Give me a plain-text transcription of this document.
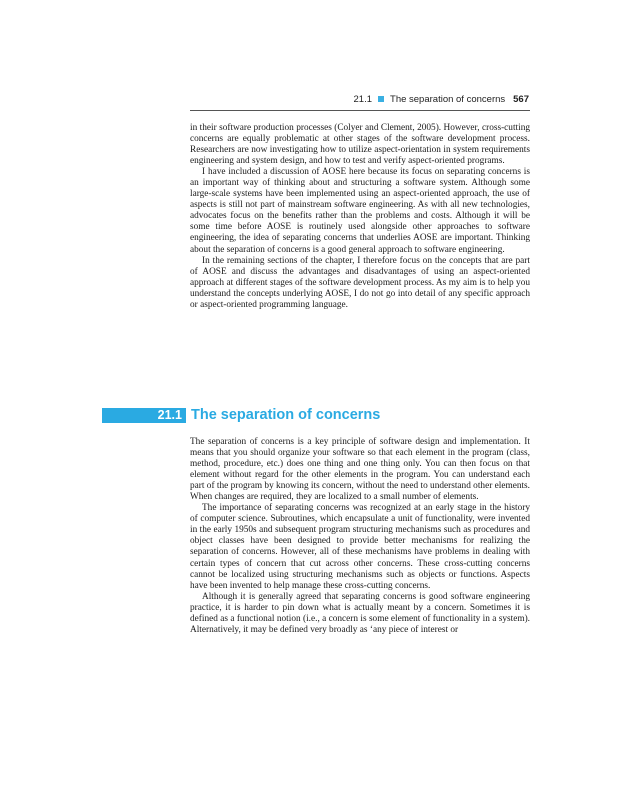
21.1 The separation of concerns 567

in their software production processes (Colyer and Clement, 2005). However, cross-cutting concerns are equally problematic at other stages of the software development process. Researchers are now investigating how to utilize aspect-orientation in system requirements engineering and system design, and how to test and verify aspect-oriented programs.

I have included a discussion of AOSE here because its focus on separating concerns is an important way of thinking about and structuring a software system. Although some large-scale systems have been implemented using an aspect-oriented approach, the use of aspects is still not part of mainstream software engineering. As with all new technologies, advocates focus on the benefits rather than the problems and costs. Although it will be some time before AOSE is routinely used alongside other approaches to software engineering, the idea of separating concerns that underlies AOSE are important. Thinking about the separation of concerns is a good general approach to software engineering.

In the remaining sections of the chapter, I therefore focus on the concepts that are part of AOSE and discuss the advantages and disadvantages of using an aspect-oriented approach at different stages of the software development process. As my aim is to help you understand the concepts underlying AOSE, I do not go into detail of any specific approach or aspect-oriented programming language.

21.1 The separation of concerns

The separation of concerns is a key principle of software design and implementation. It means that you should organize your software so that each element in the program (class, method, procedure, etc.) does one thing and one thing only. You can then focus on that element without regard for the other elements in the program. You can understand each part of the program by knowing its concern, without the need to understand other elements. When changes are required, they are localized to a small number of elements.

The importance of separating concerns was recognized at an early stage in the history of computer science. Subroutines, which encapsulate a unit of functionality, were invented in the early 1950s and subsequent program structuring mechanisms such as procedures and object classes have been designed to provide better mechanisms for realizing the separation of concerns. However, all of these mechanisms have problems in dealing with certain types of concern that cut across other concerns. These cross-cutting concerns cannot be localized using structuring mechanisms such as objects or functions. Aspects have been invented to help manage these cross-cutting concerns.

Although it is generally agreed that separating concerns is good software engineering practice, it is harder to pin down what is actually meant by a concern. Sometimes it is defined as a functional notion (i.e., a concern is some element of functionality in a system). Alternatively, it may be defined very broadly as ‘any piece of interest or
